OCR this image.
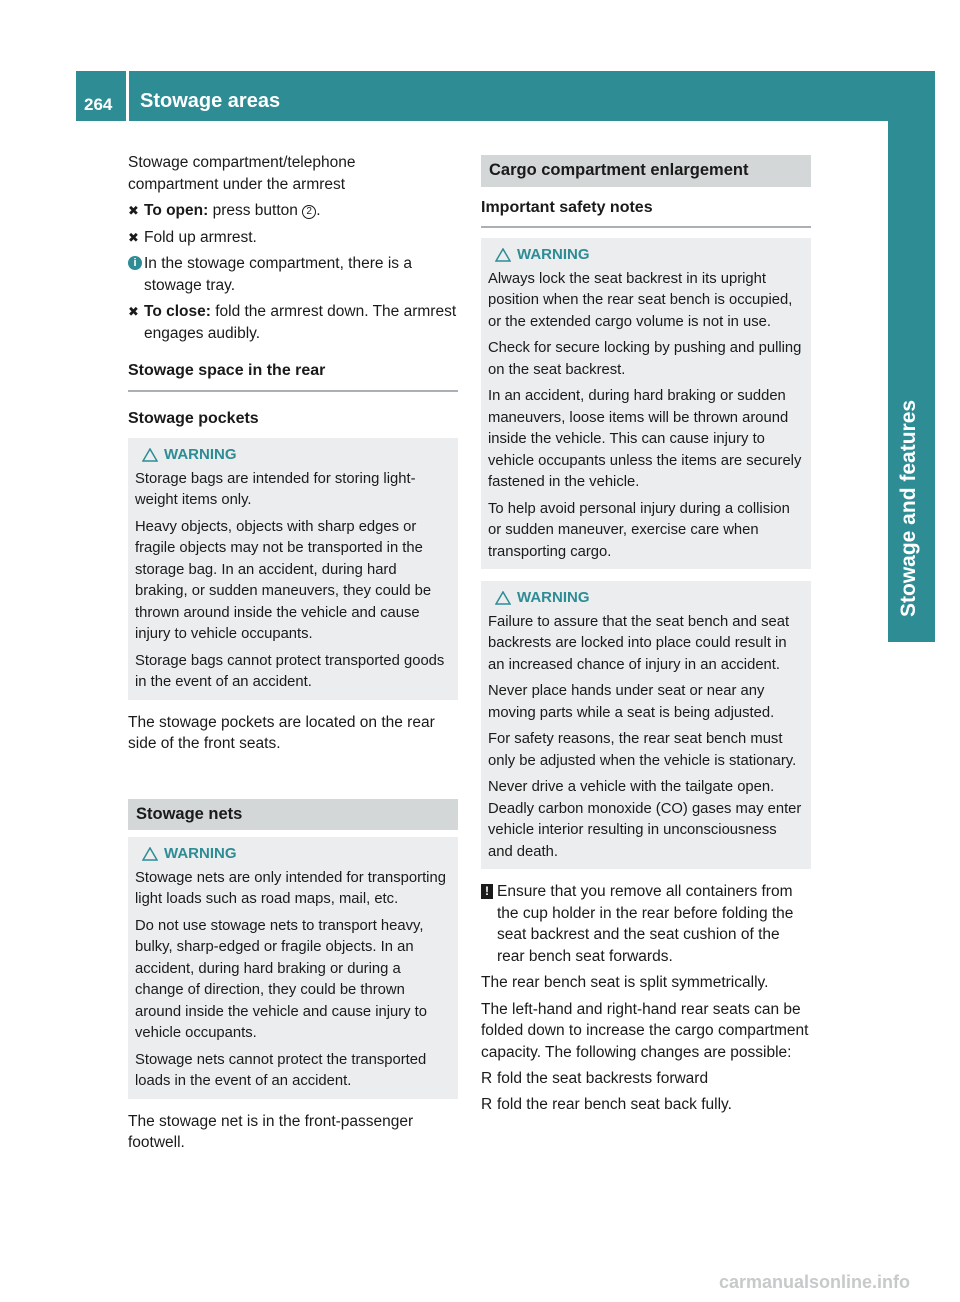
264 Stowage areas
Stowage and features

Stowage compartment/telephone
compartment under the armrest

✖ To open: press button 2 .
✖ Fold up armrest.
i In the stowage compartment, there is a stowage tray.
✖ To close: fold the armrest down. The armrest engages audibly.
Stowage space in the rear
Stowage pockets
WARNING

Storage bags are intended for storing light-weight items only.

Heavy objects, objects with sharp edges or fragile objects may not be transported in the storage bag. In an accident, during hard braking, or sudden maneuvers, they could be thrown around inside the vehicle and cause injury to vehicle occupants.

Storage bags cannot protect transported goods in the event of an accident.

The stowage pockets are located on the rear side of the front seats.

Stowage nets
WARNING

Stowage nets are only intended for transporting light loads such as road maps, mail, etc.

Do not use stowage nets to transport heavy, bulky, sharp-edged or fragile objects. In an accident, during hard braking or during a change of direction, they could be thrown around inside the vehicle and cause injury to vehicle occupants.

Stowage nets cannot protect the transported loads in the event of an accident.

The stowage net is in the front-passenger footwell.

Cargo compartment enlargement
Important safety notes
WARNING

Always lock the seat backrest in its upright position when the rear seat bench is occupied, or the extended cargo volume is not in use.

Check for secure locking by pushing and pulling on the seat backrest.

In an accident, during hard braking or sudden maneuvers, loose items will be thrown around inside the vehicle. This can cause injury to vehicle occupants unless the items are securely fastened in the vehicle.

To help avoid personal injury during a collision or sudden maneuver, exercise care when transporting cargo.

WARNING

Failure to assure that the seat bench and seat backrests are locked into place could result in an increased chance of injury in an accident.

Never place hands under seat or near any moving parts while a seat is being adjusted.

For safety reasons, the rear seat bench must only be adjusted when the vehicle is stationary.

Never drive a vehicle with the tailgate open. Deadly carbon monoxide (CO) gases may enter vehicle interior resulting in unconsciousness and death.

! Ensure that you remove all containers from the cup holder in the rear before folding the seat backrest and the seat cushion of the rear bench seat forwards.

The rear bench seat is split symmetrically.

The left-hand and right-hand rear seats can be folded down to increase the cargo compartment capacity. The following changes are possible:

R fold the seat backrests forward
R fold the rear bench seat back fully.
carmanualsonline.info
